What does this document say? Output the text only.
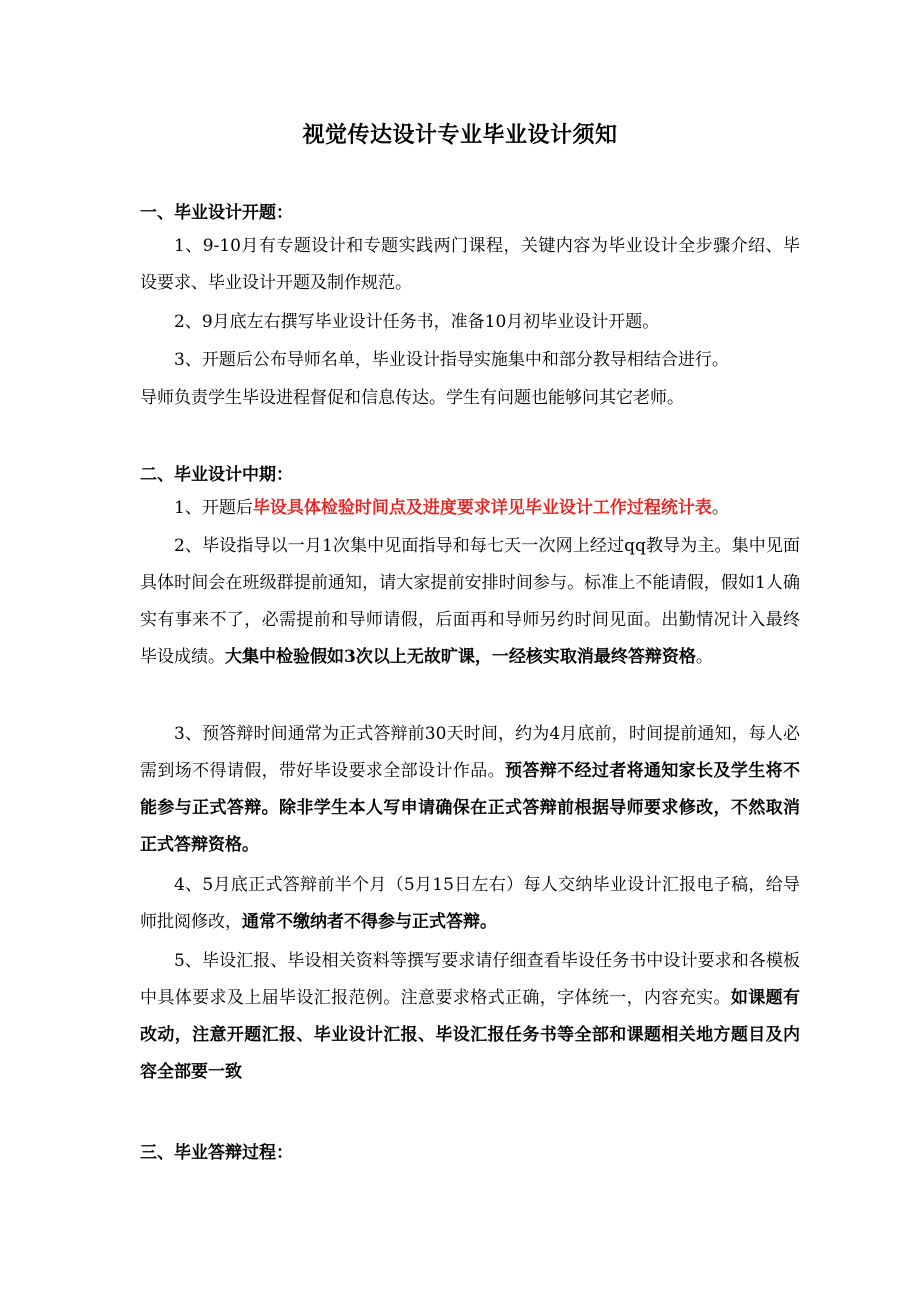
视觉传达设计专业毕业设计须知
一、毕业设计开题：
1、9-10月有专题设计和专题实践两门课程，关键内容为毕业设计全步骤介绍、毕设要求、毕业设计开题及制作规范。
2、9月底左右撰写毕业设计任务书，准备10月初毕业设计开题。
3、开题后公布导师名单，毕业设计指导实施集中和部分教导相结合进行。
导师负责学生毕设进程督促和信息传达。学生有问题也能够问其它老师。
二、毕业设计中期：
1、开题后毕设具体检验时间点及进度要求详见毕业设计工作过程统计表。
2、毕设指导以一月1次集中见面指导和每七天一次网上经过qq教导为主。集中见面具体时间会在班级群提前通知，请大家提前安排时间参与。标准上不能请假，假如1人确实有事来不了，必需提前和导师请假，后面再和导师另约时间见面。出勤情况计入最终毕设成绩。大集中检验假如3次以上无故旷课，一经核实取消最终答辩资格。
3、预答辩时间通常为正式答辩前30天时间，约为4月底前，时间提前通知，每人必需到场不得请假，带好毕设要求全部设计作品。预答辩不经过者将通知家长及学生将不能参与正式答辩。除非学生本人写申请确保在正式答辩前根据导师要求修改，不然取消正式答辩资格。
4、5月底正式答辩前半个月（5月15日左右）每人交纳毕业设计汇报电子稿，给导师批阅修改，通常不缴纳者不得参与正式答辩。
5、毕设汇报、毕设相关资料等撰写要求请仔细查看毕设任务书中设计要求和各模板中具体要求及上届毕设汇报范例。注意要求格式正确，字体统一，内容充实。如课题有改动，注意开题汇报、毕业设计汇报、毕设汇报任务书等全部和课题相关地方题目及内容全部要一致
三、毕业答辩过程：
